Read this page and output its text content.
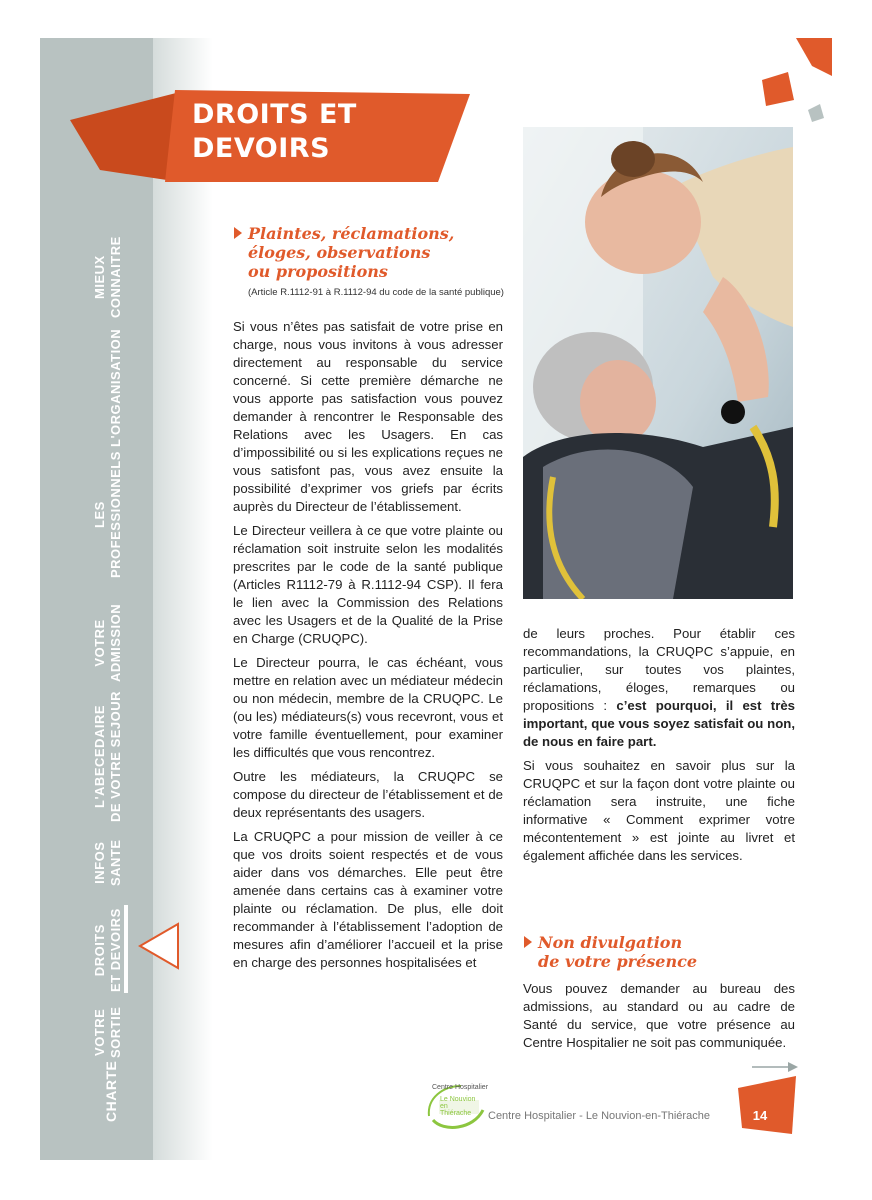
MIEUX CONNAITRE
L'ORGANISATION
LES PROFESSIONNELS
VOTRE ADMISSION
L'ABECEDAIRE DE VOTRE SEJOUR
INFOS SANTE
DROITS ET DEVOIRS
VOTRE SORTIE
CHARTE
DROITS ET
DEVOIRS
Plaintes, réclamations,
éloges, observations
ou propositions
(Article R.1112-91 à R.1112-94 du code de la santé publique)

Si vous n’êtes pas satisfait de votre prise en charge, nous vous invitons à vous adresser directement au responsable du service concerné. Si cette première démarche ne vous apporte pas satisfaction vous pouvez demander à rencontrer le Responsable des Relations avec les Usagers. En cas d’impossibilité ou si les explications reçues ne vous satisfont pas, vous avez ensuite la possibilité d’exprimer vos griefs par écrits auprès du Directeur de l’établissement.

Le Directeur veillera à ce que votre plainte ou réclamation soit instruite selon les modalités prescrites par le code de la santé publique (Articles R1112-79 à R.1112-94 CSP). Il fera le lien avec la Commission des Relations avec les Usagers et de la Qualité de la Prise en Charge (CRUQPC).

Le Directeur pourra, le cas échéant, vous mettre en relation avec un médiateur médecin ou non médecin, membre de la CRUQPC. Le (ou les) médiateurs(s) vous recevront, vous et votre famille éventuellement, pour examiner les difficultés que vous rencontrez.

Outre les médiateurs, la CRUQPC se compose du directeur de l’établissement et de deux représentants des usagers.

La CRUQPC a pour mission de veiller à ce que vos droits soient respectés et de vous aider dans vos démarches. Elle peut être amenée dans certains cas à examiner votre plainte ou réclamation. De plus, elle doit recommander à l’établissement l’adoption de mesures afin d’améliorer l’accueil et la prise en charge des personnes hospitalisées et

de leurs proches. Pour établir ces recommandations, la CRUQPC s’appuie, en particulier, sur toutes vos plaintes, réclamations, éloges, remarques ou propositions : c’est pourquoi, il est très important, que vous soyez satisfait ou non, de nous en faire part.

Si vous souhaitez en savoir plus sur la CRUQPC et sur la façon dont votre plainte ou réclamation sera instruite, une fiche informative « Comment exprimer votre mécontentement » est jointe au livret et également affichée dans les services.

Non divulgation
de votre présence

Vous pouvez demander au bureau des admissions, au standard ou au cadre de Santé du service, que votre présence au Centre Hospitalier ne soit pas communiquée.

Centre Hospitalier
Le Nouvion en Thiérache	Centre Hospitalier - Le Nouvion-en-Thiérache	14
